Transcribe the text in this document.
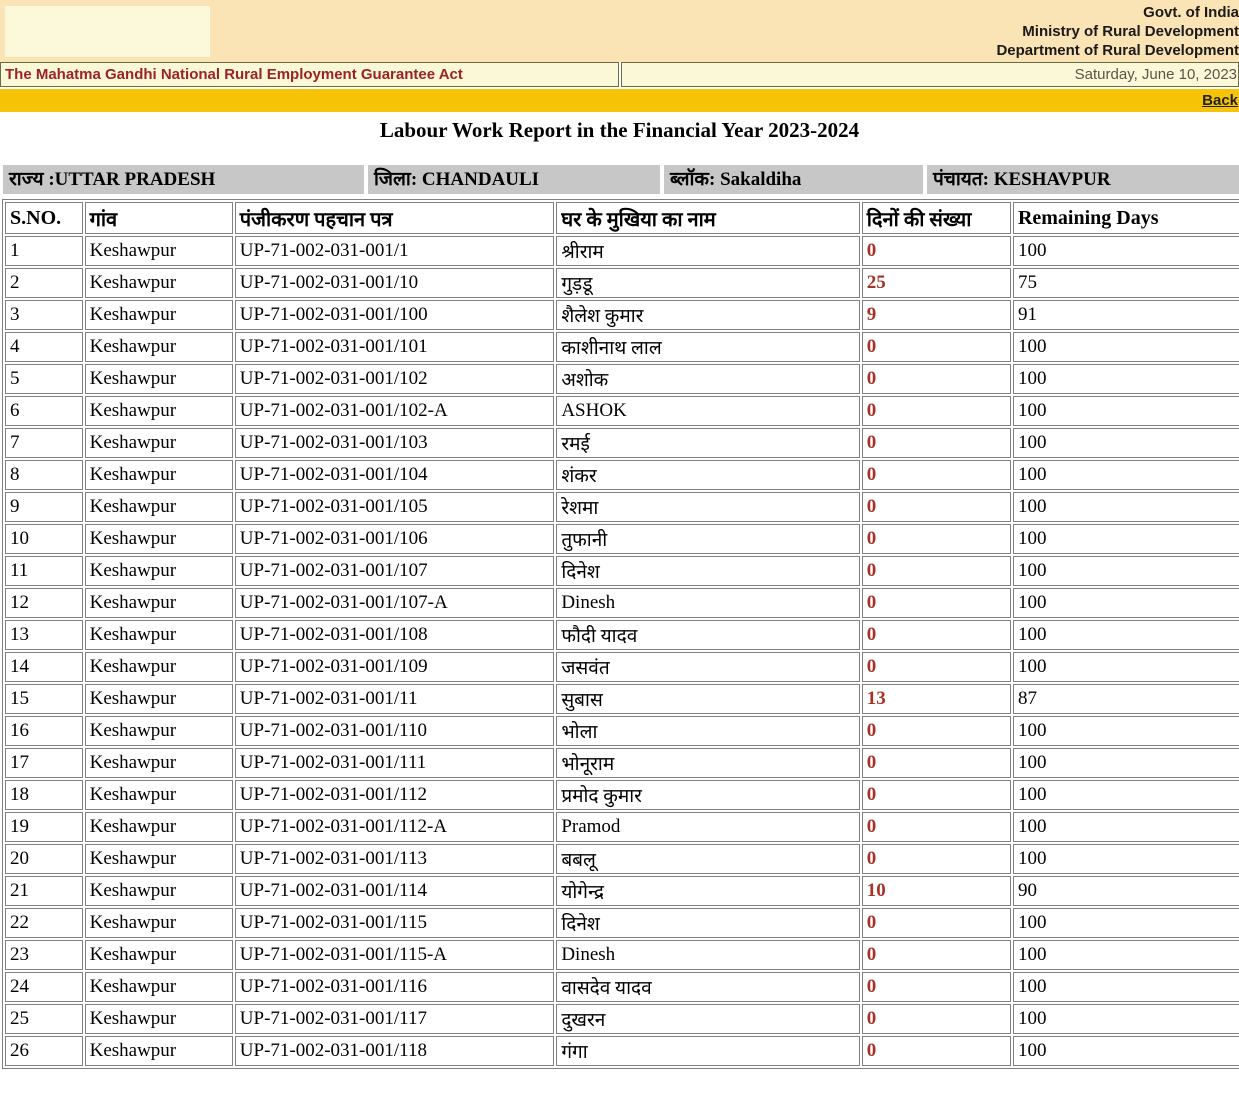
Govt. of India
Ministry of Rural Development
Department of Rural Development
The Mahatma Gandhi National Rural Employment Guarantee Act	Saturday, June 10, 2023
Back
Labour Work Report in the Financial Year 2023-2024
राज्य :UTTAR PRADESH	जिला: CHANDAULI	ब्लॉक: Sakaldiha	पंचायत: KESHAVPUR
S.NO.	गांव	पंजीकरण पहचान पत्र	घर के मुखिया का नाम	दिनों की संख्या	Remaining Days
1	Keshawpur	UP-71-002-031-001/1	श्रीराम	0	100
2	Keshawpur	UP-71-002-031-001/10	गुड़डू	25	75
3	Keshawpur	UP-71-002-031-001/100	शैलेश कुमार	9	91
4	Keshawpur	UP-71-002-031-001/101	काशीनाथ लाल	0	100
5	Keshawpur	UP-71-002-031-001/102	अशोक	0	100
6	Keshawpur	UP-71-002-031-001/102-A	ASHOK	0	100
7	Keshawpur	UP-71-002-031-001/103	रमई	0	100
8	Keshawpur	UP-71-002-031-001/104	शंकर	0	100
9	Keshawpur	UP-71-002-031-001/105	रेशमा	0	100
10	Keshawpur	UP-71-002-031-001/106	तुफानी	0	100
11	Keshawpur	UP-71-002-031-001/107	दिनेश	0	100
12	Keshawpur	UP-71-002-031-001/107-A	Dinesh	0	100
13	Keshawpur	UP-71-002-031-001/108	फौदी यादव	0	100
14	Keshawpur	UP-71-002-031-001/109	जसवंत	0	100
15	Keshawpur	UP-71-002-031-001/11	सुबास	13	87
16	Keshawpur	UP-71-002-031-001/110	भोला	0	100
17	Keshawpur	UP-71-002-031-001/111	भोनूराम	0	100
18	Keshawpur	UP-71-002-031-001/112	प्रमोद कुमार	0	100
19	Keshawpur	UP-71-002-031-001/112-A	Pramod	0	100
20	Keshawpur	UP-71-002-031-001/113	बबलू	0	100
21	Keshawpur	UP-71-002-031-001/114	योगेन्द्र	10	90
22	Keshawpur	UP-71-002-031-001/115	दिनेश	0	100
23	Keshawpur	UP-71-002-031-001/115-A	Dinesh	0	100
24	Keshawpur	UP-71-002-031-001/116	वासदेव यादव	0	100
25	Keshawpur	UP-71-002-031-001/117	दुखरन	0	100
26	Keshawpur	UP-71-002-031-001/118	गंगा	0	100
